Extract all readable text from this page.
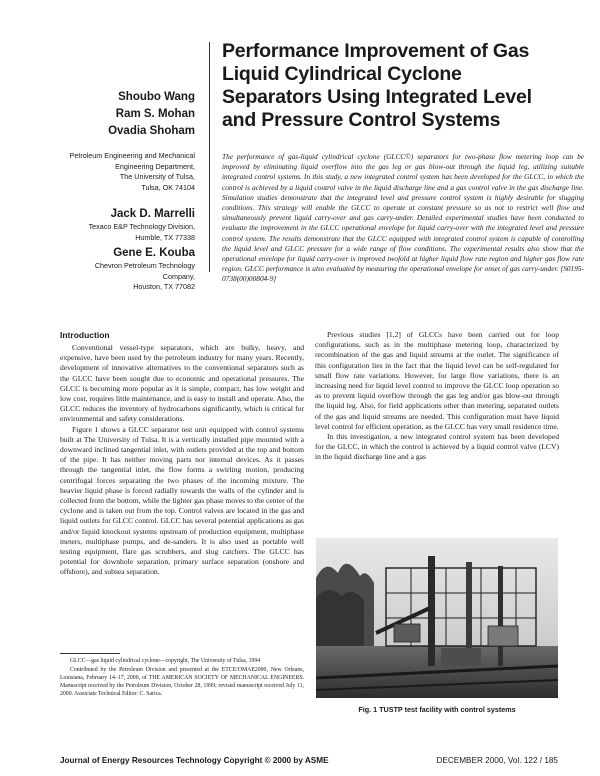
Performance Improvement of Gas
Liquid Cylindrical Cyclone
Separators Using Integrated Level
and Pressure Control Systems
Shoubo Wang
Ram S. Mohan
Ovadia Shoham
Petroleum Engineering and Mechanical
Engineering Department,
The University of Tulsa,
Tulsa, OK 74104
Jack D. Marrelli
Texaco E&P Technology Division,
Humble, TX 77338
Gene E. Kouba
Chevron Petroleum Technology Company,
Houston, TX 77082
The performance of gas-liquid cylindrical cyclone (GLCC©) separators for two-phase flow metering loop can be improved by eliminating liquid overflow into the gas leg or gas blow-out through the liquid leg, utilizing suitable integrated control systems. In this study, a new integrated control system has been developed for the GLCC, in which the control is achieved by a liquid control valve in the liquid discharge line and a gas control valve in the gas discharge line. Simulation studies demonstrate that the integrated level and pressure control system is highly desirable for slugging conditions. This strategy will enable the GLCC to operate at constant pressure so as not to restrict well flow and simultaneously prevent liquid carry-over and gas carry-under. Detailed experimental studies have been conducted to evaluate the improvement in the GLCC operational envelope for liquid carry-over with the integrated level and pressure control system. The results demonstrate that the GLCC equipped with integrated control system is capable of controlling the liquid level and GLCC pressure for a wide range of flow conditions. The experimental results also show that the operational envelope for liquid carry-over is improved twofold at higher liquid flow rate region and higher gas flow rate region. GLCC performance is also evaluated by measuring the operational envelope for onset of gas carry-under. [S0195-0738(00)00804-9]
Introduction

Conventional vessel-type separators, which are bulky, heavy, and expensive, have been used by the petroleum industry for many years. Recently, development of innovative alternatives to the conventional separators such as the GLCC have been sought due to economic and operational pressures. The GLCC is becoming more popular as it is simple, compact, has low weight and low cost, requires little maintenance, and is easy to install and operate. Also, the GLCC reduces the inventory of hydrocarbons significantly, which is critical for environmental and safety considerations.

Figure 1 shows a GLCC separator test unit equipped with control systems built at The University of Tulsa. It is a vertically installed pipe mounted with a downward inclined tangential inlet, with outlets provided at the top and bottom of the pipe. It has neither moving parts nor internal devices. As it passes through the tangential inlet, the flow forms a swirling motion, producing centrifugal forces separating the two phases of the incoming mixture. The heavier liquid phase is forced radially towards the walls of the cylinder and is collected from the bottom, while the lighter gas phase moves to the center of the cyclone and is taken out from the top. Control valves are located in the gas and liquid outlets for GLCC control. GLCC has several potential applications as gas and/or liquid knockout systems upstream of production equipment, multiphase meters, multiphase pumps, and de-sanders. It is also used as portable well testing equipment, flare gas scrubbers, and slug catchers. The GLCC has potential for downhole separation, primary surface separation (onshore and offshore), and subsea separation.

GLCC—gas liquid cylindrical cyclone—copyright, The University of Tulsa, 1994

Contributed by the Petroleum Division and presented at the ETCE/OMAE2000, New Orleans, Louisiana, February 14–17, 2000, of THE AMERICAN SOCIETY OF MECHANICAL ENGINEERS. Manuscript received by the Petroleum Division, October 28, 1999; revised manuscript received July 11, 2000. Associate Technical Editor: C. Sarica.

Previous studies [1,2] of GLCCs have been carried out for loop configurations, such as in the multiphase metering loop, characterized by recombination of the gas and liquid streams at the outlet. The significance of this configuration lies in the fact that the liquid level can be self-regulated for small flow rate variations. However, for large flow variations, there is an increasing need for liquid level control to improve the GLCC loop operation so as to prevent liquid overflow through the gas leg and/or gas blow-out through the liquid leg. Also, for field applications other than metering, separated outlets of the gas and liquid streams are needed. This configuration must have liquid level control for efficient operation, as the GLCC has very small residence time.

In this investigation, a new integrated control system has been developed for the GLCC, in which the control is achieved by a liquid control valve (LCV) in the liquid discharge line and a gas

Fig. 1 TUSTP test facility with control systems
Journal of Energy Resources Technology Copyright © 2000 by ASME	DECEMBER 2000, Vol. 122 / 185
